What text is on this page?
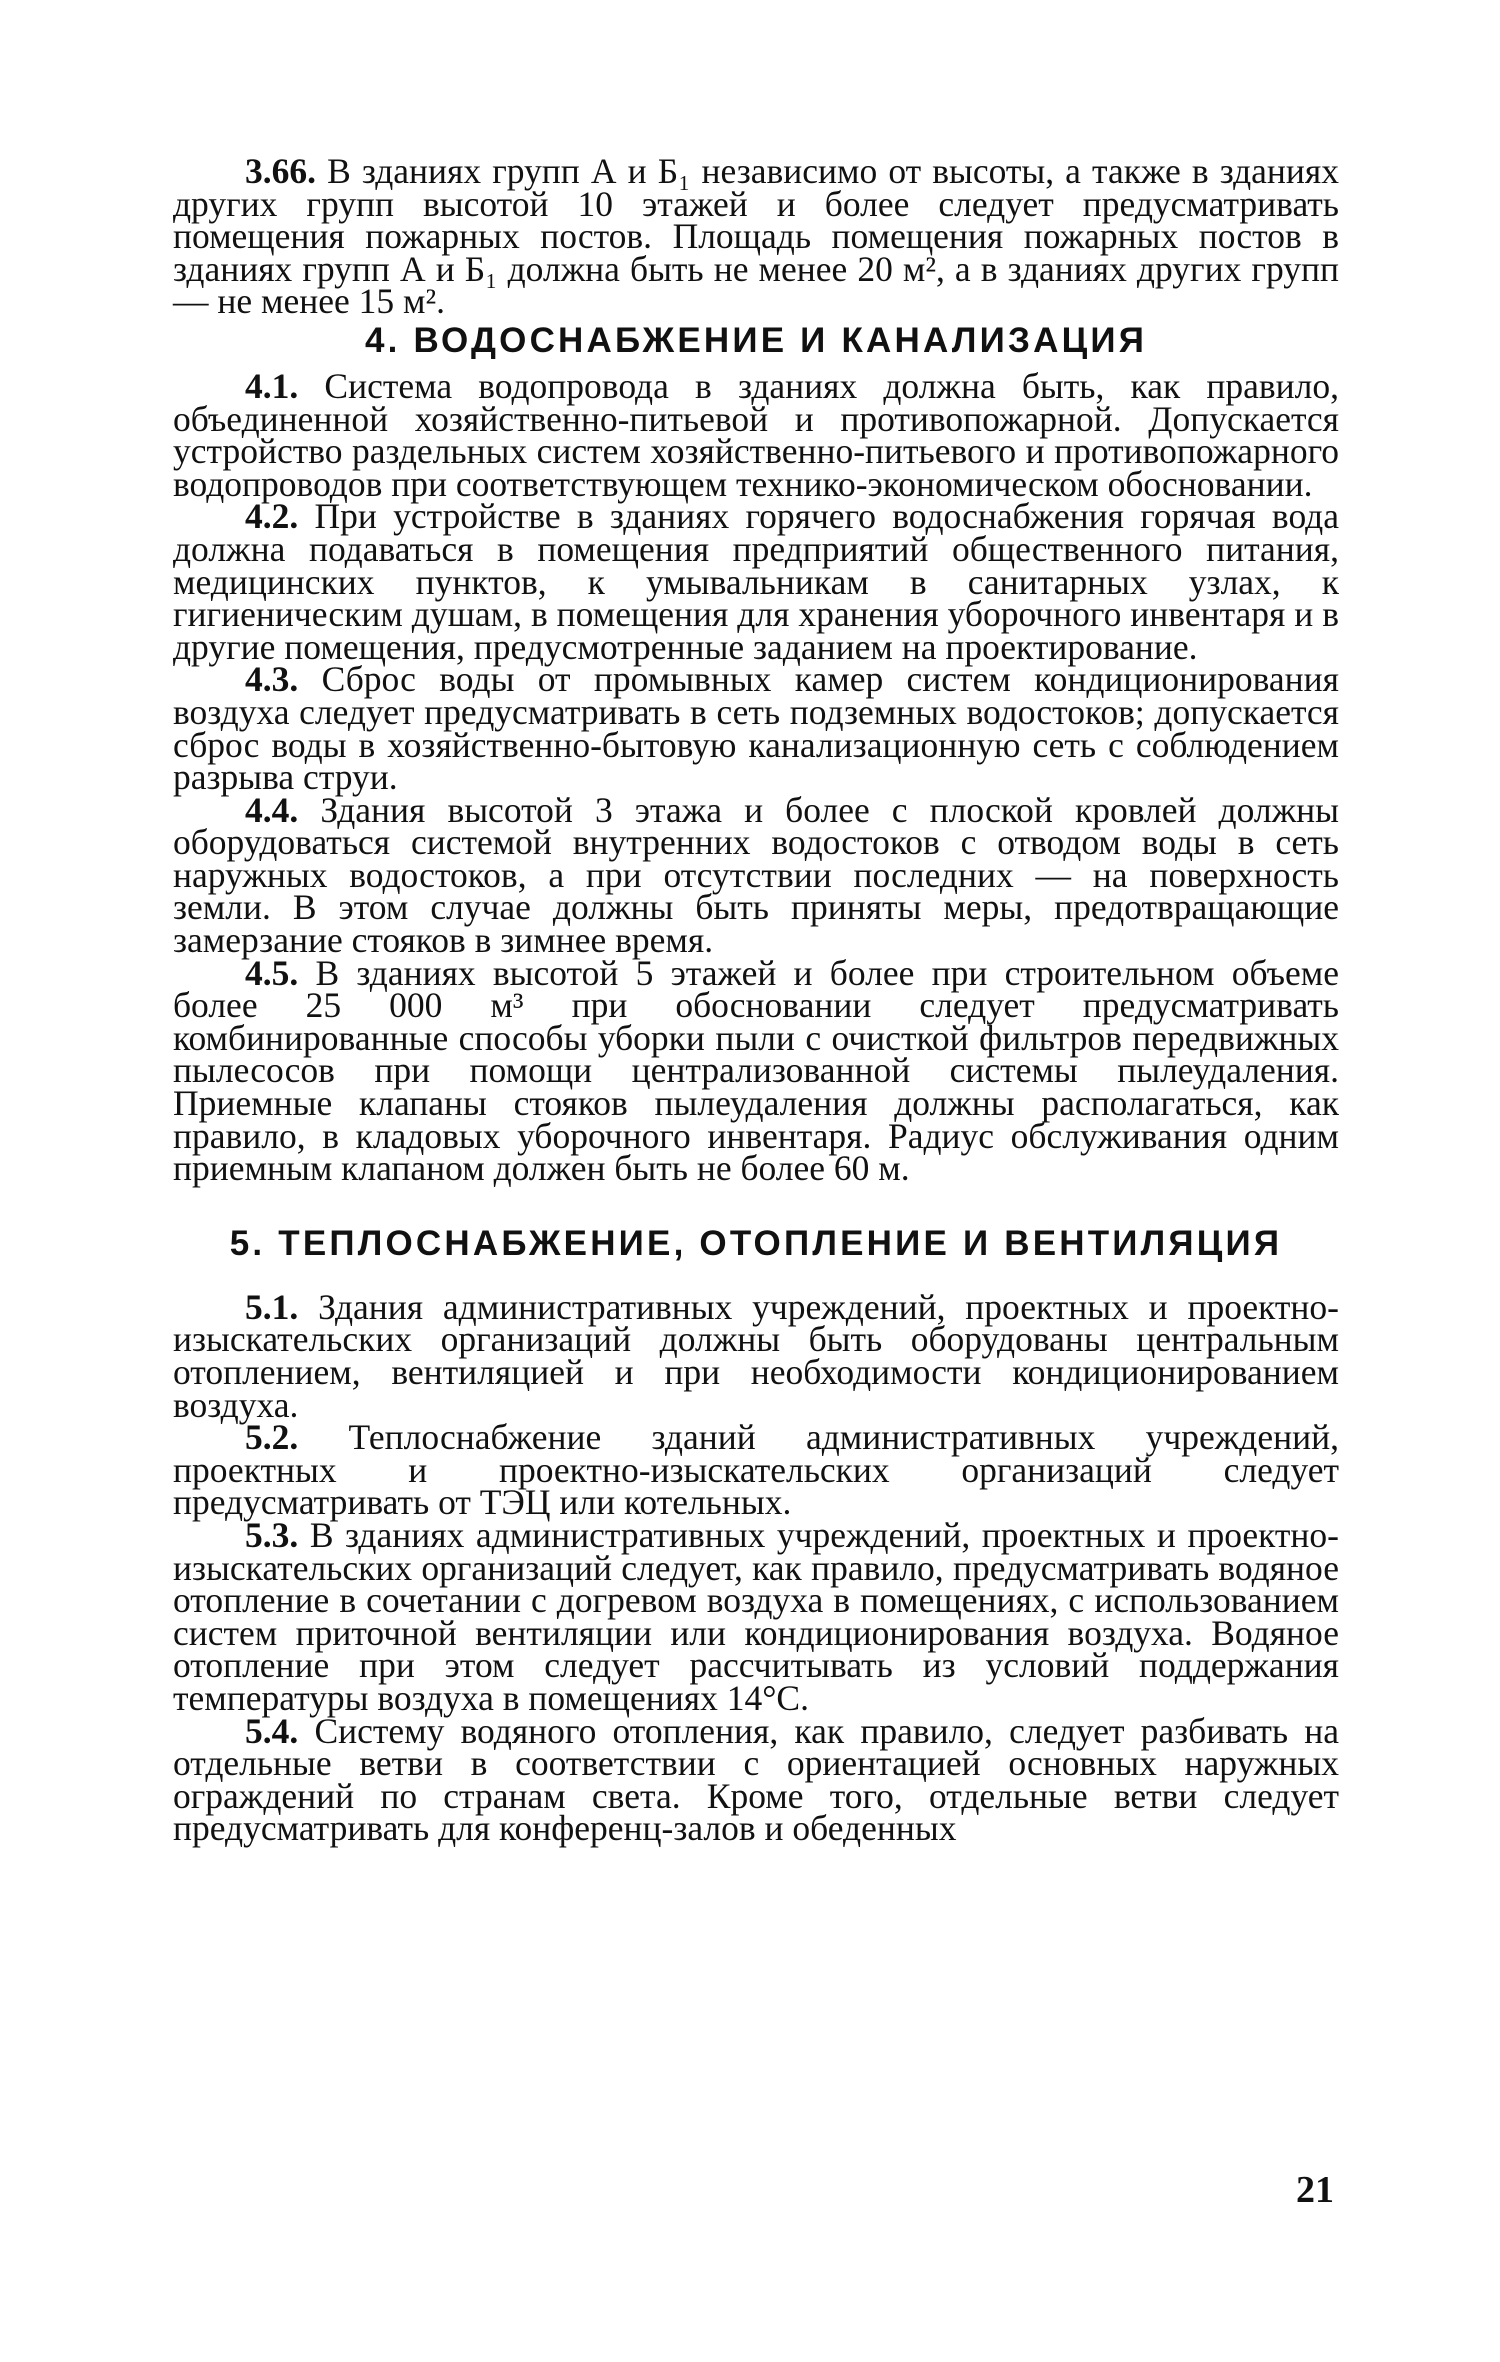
3.66. В зданиях групп А и Б₁ независимо от высоты, а также в зданиях других групп высотой 10 этажей и более следует предусматривать помещения пожарных постов. Площадь помещения пожарных постов в зданиях групп А и Б₁ должна быть не менее 20 м², а в зданиях других групп — не менее 15 м².

4. ВОДОСНАБЖЕНИЕ И КАНАЛИЗАЦИЯ

4.1. Система водопровода в зданиях должна быть, как правило, объединенной хозяйственно-питьевой и противопожарной. Допускается устройство раздельных систем хозяйственно-питьевого и противопожарного водопроводов при соответствующем технико-экономическом обосновании.

4.2. При устройстве в зданиях горячего водоснабжения горячая вода должна подаваться в помещения предприятий общественного питания, медицинских пунктов, к умывальникам в санитарных узлах, к гигиеническим душам, в помещения для хранения уборочного инвентаря и в другие помещения, предусмотренные заданием на проектирование.

4.3. Сброс воды от промывных камер систем кондиционирования воздуха следует предусматривать в сеть подземных водостоков; допускается сброс воды в хозяйственно-бытовую канализационную сеть с соблюдением разрыва струи.

4.4. Здания высотой 3 этажа и более с плоской кровлей должны оборудоваться системой внутренних водостоков с отводом воды в сеть наружных водостоков, а при отсутствии последних — на поверхность земли. В этом случае должны быть приняты меры, предотвращающие замерзание стояков в зимнее время.

4.5. В зданиях высотой 5 этажей и более при строительном объеме более 25 000 м³ при обосновании следует предусматривать комбинированные способы уборки пыли с очисткой фильтров передвижных пылесосов при помощи централизованной системы пылеудаления. Приемные клапаны стояков пылеудаления должны располагаться, как правило, в кладовых уборочного инвентаря. Радиус обслуживания одним приемным клапаном должен быть не более 60 м.

5. ТЕПЛОСНАБЖЕНИЕ, ОТОПЛЕНИЕ И ВЕНТИЛЯЦИЯ

5.1. Здания административных учреждений, проектных и проектно-изыскательских организаций должны быть оборудованы центральным отоплением, вентиляцией и при необходимости кондиционированием воздуха.

5.2. Теплоснабжение зданий административных учреждений, проектных и проектно-изыскательских организаций следует предусматривать от ТЭЦ или котельных.

5.3. В зданиях административных учреждений, проектных и проектно-изыскательских организаций следует, как правило, предусматривать водяное отопление в сочетании с догревом воздуха в помещениях, с использованием систем приточной вентиляции или кондиционирования воздуха. Водяное отопление при этом следует рассчитывать из условий поддержания температуры воздуха в помещениях 14°С.

5.4. Систему водяного отопления, как правило, следует разбивать на отдельные ветви в соответствии с ориентацией основных наружных ограждений по странам света. Кроме того, отдельные ветви следует предусматривать для конференц-залов и обеденных

21
